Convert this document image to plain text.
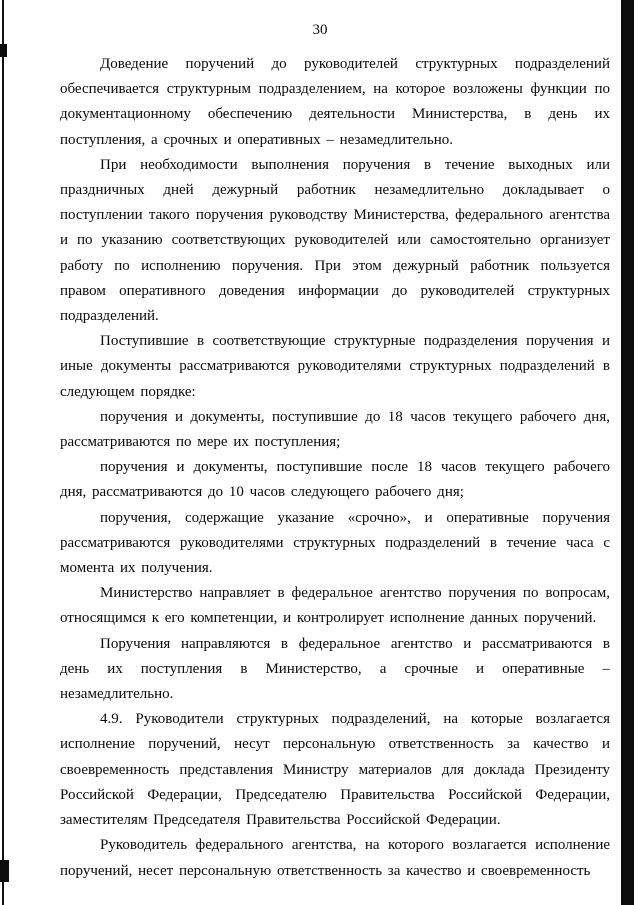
30

Доведение поручений до руководителей структурных подразделений обеспечивается структурным подразделением, на которое возложены функции по документационному обеспечению деятельности Министерства, в день их поступления, а срочных и оперативных – незамедлительно.

При необходимости выполнения поручения в течение выходных или праздничных дней дежурный работник незамедлительно докладывает о поступлении такого поручения руководству Министерства, федерального агентства и по указанию соответствующих руководителей или самостоятельно организует работу по исполнению поручения. При этом дежурный работник пользуется правом оперативного доведения информации до руководителей структурных подразделений.

Поступившие в соответствующие структурные подразделения поручения и иные документы рассматриваются руководителями структурных подразделений в следующем порядке:

поручения и документы, поступившие до 18 часов текущего рабочего дня, рассматриваются по мере их поступления;

поручения и документы, поступившие после 18 часов текущего рабочего дня, рассматриваются до 10 часов следующего рабочего дня;

поручения, содержащие указание «срочно», и оперативные поручения рассматриваются руководителями структурных подразделений в течение часа с момента их получения.

Министерство направляет в федеральное агентство поручения по вопросам, относящимся к его компетенции, и контролирует исполнение данных поручений.

Поручения направляются в федеральное агентство и рассматриваются в день их поступления в Министерство, а срочные и оперативные – незамедлительно.

4.9. Руководители структурных подразделений, на которые возлагается исполнение поручений, несут персональную ответственность за качество и своевременность представления Министру материалов для доклада Президенту Российской Федерации, Председателю Правительства Российской Федерации, заместителям Председателя Правительства Российской Федерации.

Руководитель федерального агентства, на которого возлагается исполнение поручений, несет персональную ответственность за качество и своевременность
